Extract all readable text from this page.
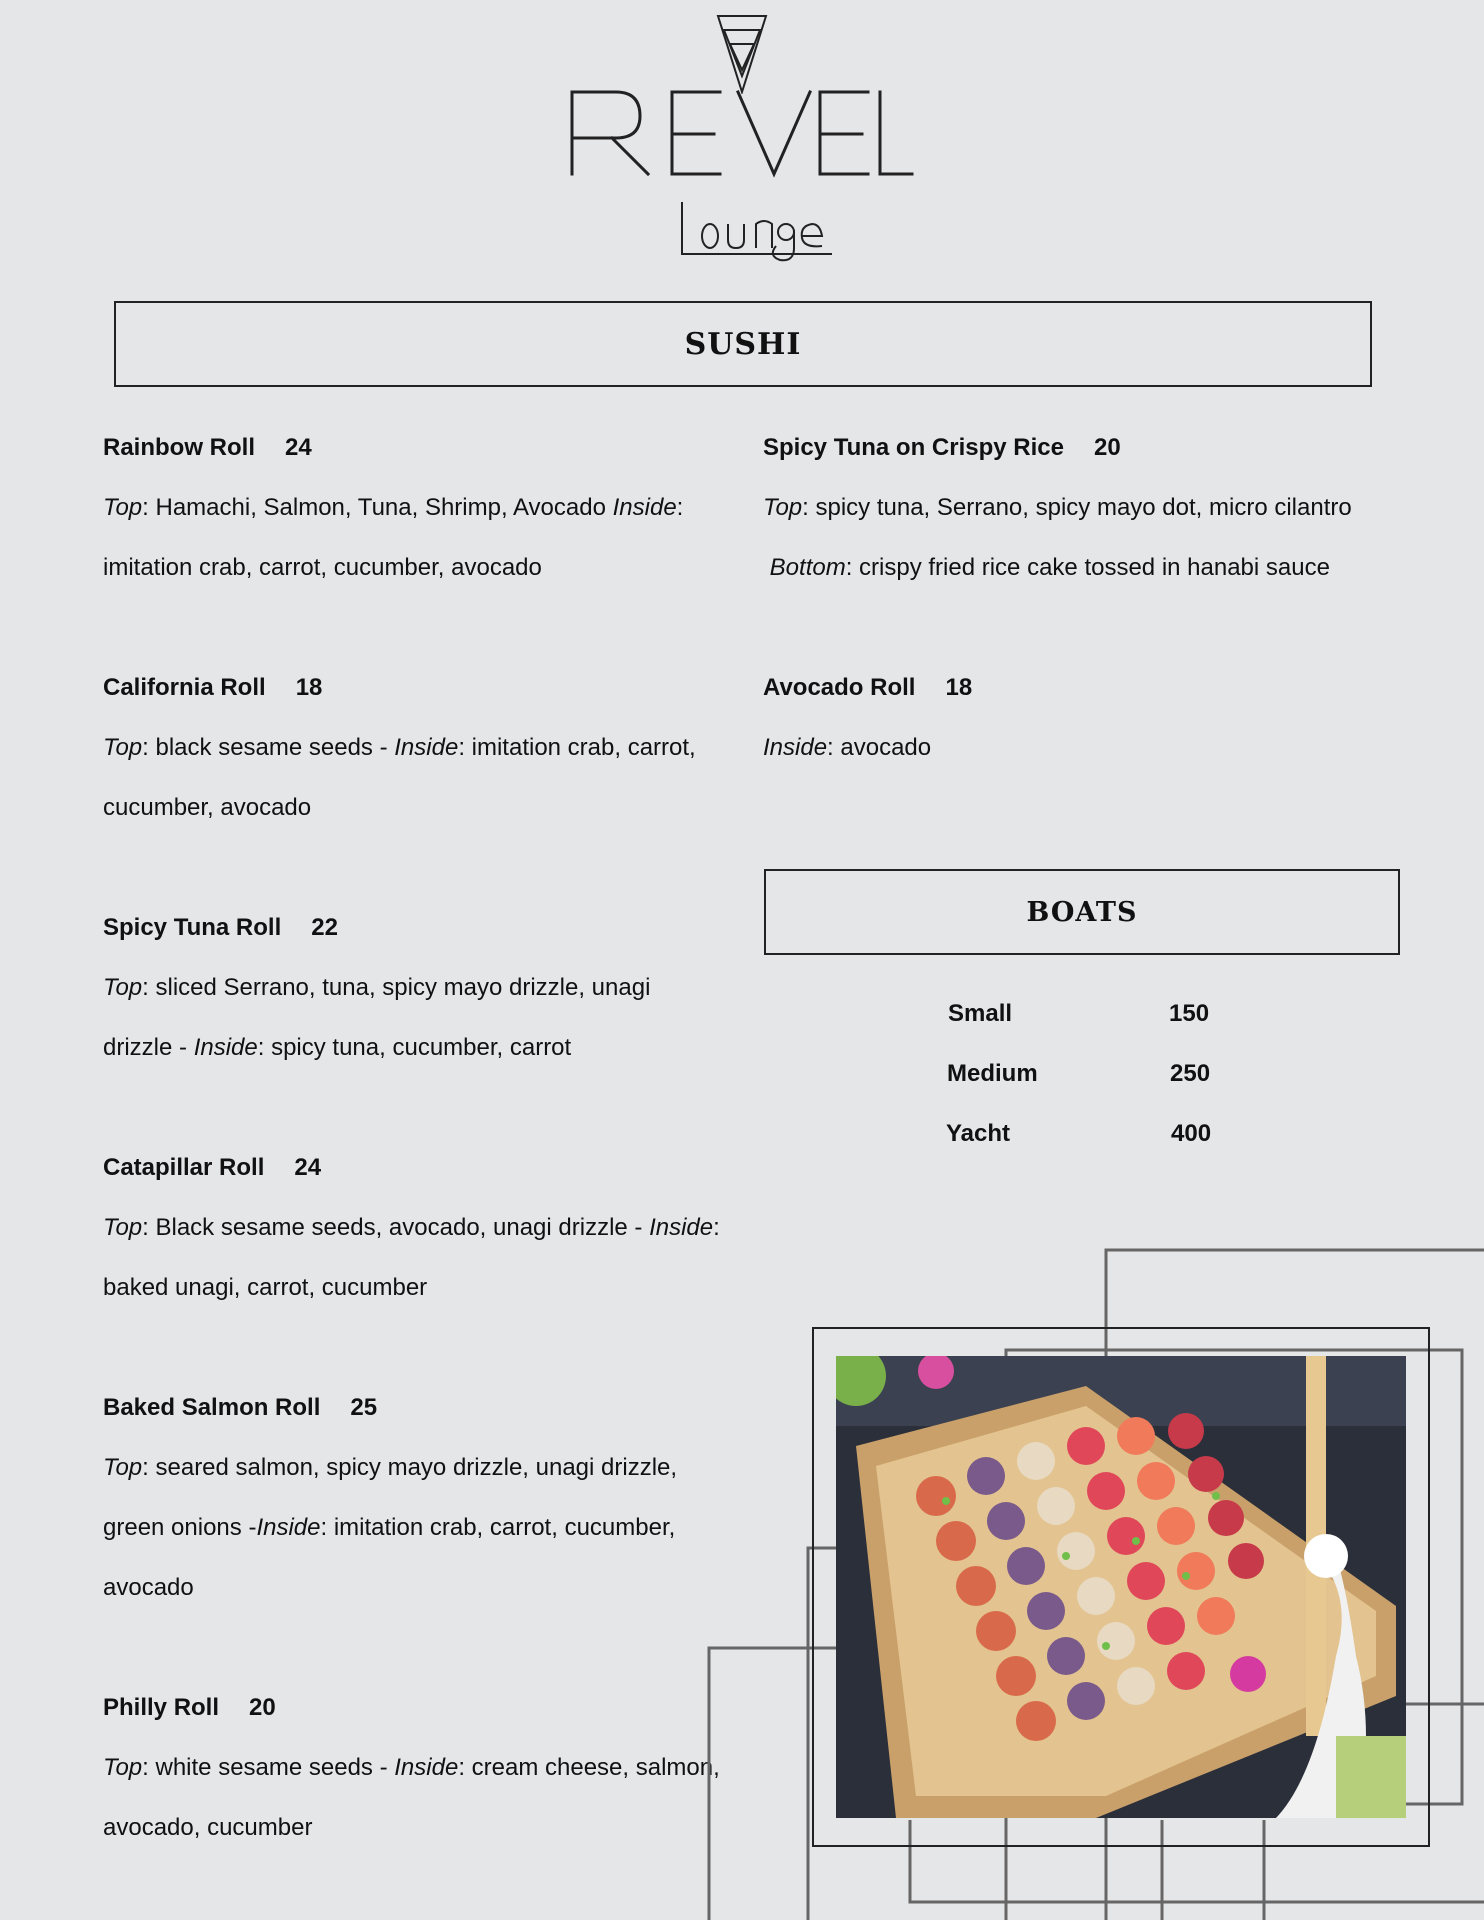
SUSHI
BOATS
Rainbow Roll 24
Top: Hamachi, Salmon, Tuna, Shrimp, Avocado Inside: imitation crab, carrot, cucumber, avocado
California Roll 18
Top: black sesame seeds - Inside: imitation crab, carrot, cucumber, avocado
Spicy Tuna Roll 22
Top: sliced Serrano, tuna, spicy mayo drizzle, unagi drizzle - Inside: spicy tuna, cucumber, carrot
Catapillar Roll 24
Top: Black sesame seeds, avocado, unagi drizzle - Inside: baked unagi, carrot, cucumber
Baked Salmon Roll 25
Top: seared salmon, spicy mayo drizzle, unagi drizzle, green onions -Inside: imitation crab, carrot, cucumber, avocado
Philly Roll 20
Top: white sesame seeds - Inside: cream cheese, salmon, avocado, cucumber
Spicy Tuna on Crispy Rice 20
Top: spicy tuna, Serrano, spicy mayo dot, micro cilantro
Bottom: crispy fried rice cake tossed in hanabi sauce
Avocado Roll 18
Inside: avocado
Small	150
Medium	250
Yacht	400
